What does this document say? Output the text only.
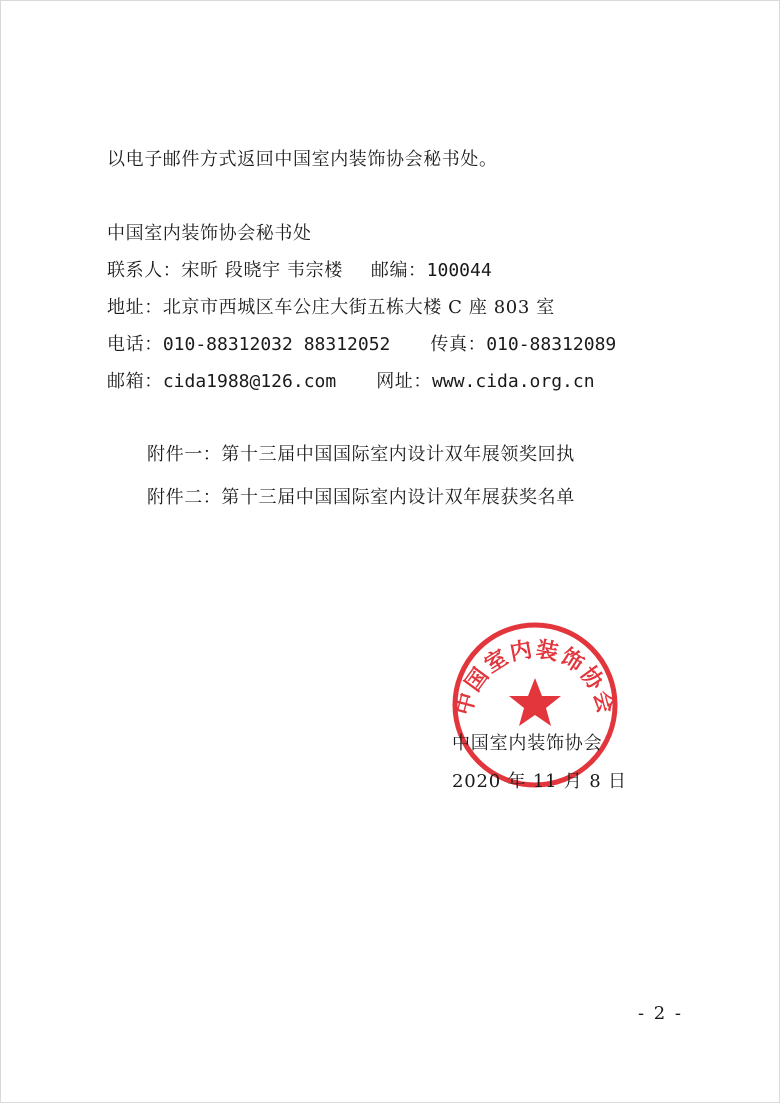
以电子邮件方式返回中国室内装饰协会秘书处。
中国室内装饰协会秘书处
联系人：宋昕 段晓宇 韦宗楼 邮编：100044
地址：北京市西城区车公庄大街五栋大楼 C 座 803 室
电话：010-88312032 88312052 传真：010-88312089
邮箱：cida1988@126.com 网址：www.cida.org.cn
附件一：第十三届中国国际室内设计双年展领奖回执
附件二：第十三届中国国际室内设计双年展获奖名单
中国室内装饰协会
中国室内装饰协会
2020 年 11 月 8 日
- 2 -
